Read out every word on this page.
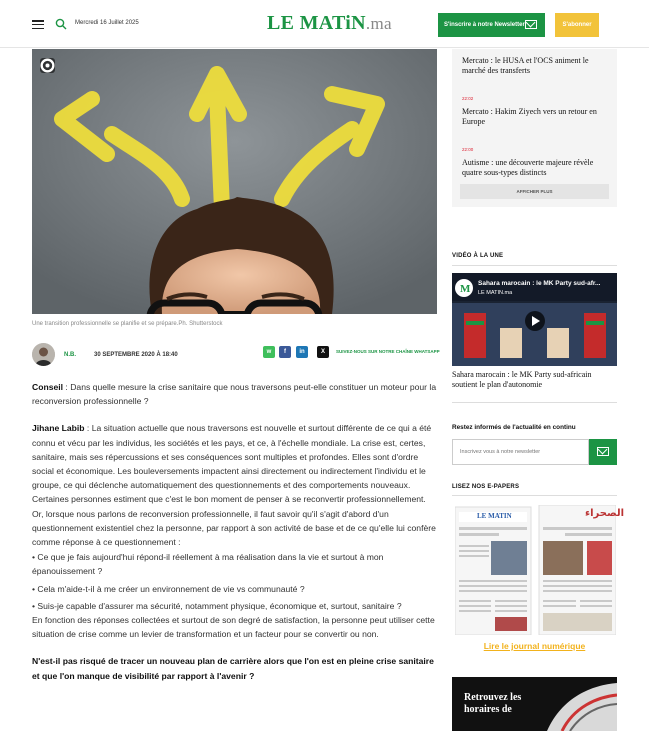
Mercredi 16 Juillet 2025	LE MATiN.ma	S'inscrire à notre Newsletter	S'abonner
Une transition professionnelle se planifie et se prépare.Ph. Shutterstock
N.B.	30 SEPTEMBRE 2020 À 18:40	w	f	in	X	SUIVEZ-NOUS SUR NOTRE CHAÎNE WHATSAPP

Conseil : Dans quelle mesure la crise sanitaire que nous traversons peut-elle constituer un moteur pour la reconversion professionnelle ?

Jihane Labib : La situation actuelle que nous traversons est nouvelle et surtout différente de ce qui a été connu et vécu par les individus, les sociétés et les pays, et ce, à l'échelle mondiale. La crise est, certes, sanitaire, mais ses répercussions et ses conséquences sont multiples et profondes. Elles sont d'ordre social et économique. Les bouleversements impactent ainsi directement ou indirectement l'individu et le groupe, ce qui déclenche automatiquement des questionnements et des comportements nouveaux.

Certaines personnes estiment que c'est le bon moment de penser à se reconvertir professionnellement. Or, lorsque nous parlons de reconversion professionnelle, il faut savoir qu'il s'agit d'abord d'un questionnement existentiel chez la personne, par rapport à son activité de base et de ce qu'elle lui confère comme réponse à ce questionnement :

• Ce que je fais aujourd'hui répond-il réellement à ma réalisation dans la vie et surtout à mon épanouissement ?

• Cela m'aide-t-il à me créer un environnement de vie vs communauté ?

• Suis-je capable d'assurer ma sécurité, notamment physique, économique et, surtout, sanitaire ?

En fonction des réponses collectées et surtout de son degré de satisfaction, la personne peut utiliser cette situation de crise comme un levier de transformation et un facteur pour se convertir ou non.

N'est-il pas risqué de tracer un nouveau plan de carrière alors que l'on est en pleine crise sanitaire et que l'on manque de visibilité par rapport à l'avenir ?

Mercato : le HUSA et l'OCS animent le marché des transferts
22:02
Mercato : Hakim Ziyech vers un retour en Europe
22:00
Autisme : une découverte majeure révèle quatre sous-types distincts
AFFICHER PLUS
VIDÉO À LA UNE
M Sahara marocain : le MK Party sud-afr...
LE MATIN.ma
Sahara marocain : le MK Party sud-africain soutient le plan d'autonomie
Restez informés de l'actualité en continu
Inscrivez vous à notre newsletter
LISEZ NOS E-PAPERS
LE MATIN	الصحراء
Lire le journal numérique
Retrouvez les horaires de
